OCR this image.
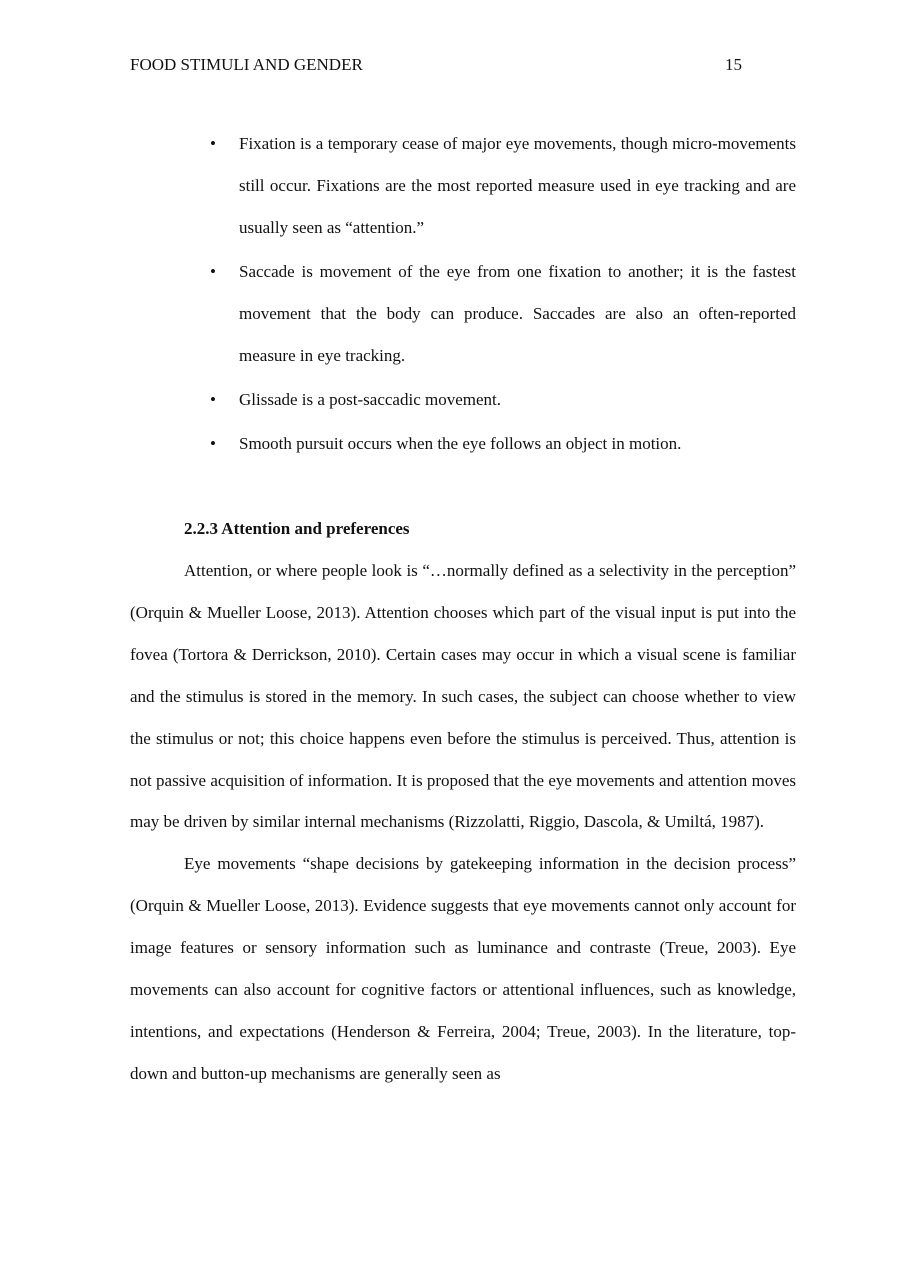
FOOD STIMULI AND GENDER	15
• Fixation is a temporary cease of major eye movements, though micro-movements still occur. Fixations are the most reported measure used in eye tracking and are usually seen as “attention.”
• Saccade is movement of the eye from one fixation to another; it is the fastest movement that the body can produce. Saccades are also an often-reported measure in eye tracking.
• Glissade is a post-saccadic movement.
• Smooth pursuit occurs when the eye follows an object in motion.
2.2.3 Attention and preferences

Attention, or where people look is “…normally defined as a selectivity in the perception” (Orquin & Mueller Loose, 2013). Attention chooses which part of the visual input is put into the fovea (Tortora & Derrickson, 2010). Certain cases may occur in which a visual scene is familiar and the stimulus is stored in the memory. In such cases, the subject can choose whether to view the stimulus or not; this choice happens even before the stimulus is perceived. Thus, attention is not passive acquisition of information. It is proposed that the eye movements and attention moves may be driven by similar internal mechanisms (Rizzolatti, Riggio, Dascola, & Umiltá, 1987).

Eye movements “shape decisions by gatekeeping information in the decision process” (Orquin & Mueller Loose, 2013). Evidence suggests that eye movements cannot only account for image features or sensory information such as luminance and contraste (Treue, 2003). Eye movements can also account for cognitive factors or attentional influences, such as knowledge, intentions, and expectations (Henderson & Ferreira, 2004; Treue, 2003). In the literature, top-down and button-up mechanisms are generally seen as
